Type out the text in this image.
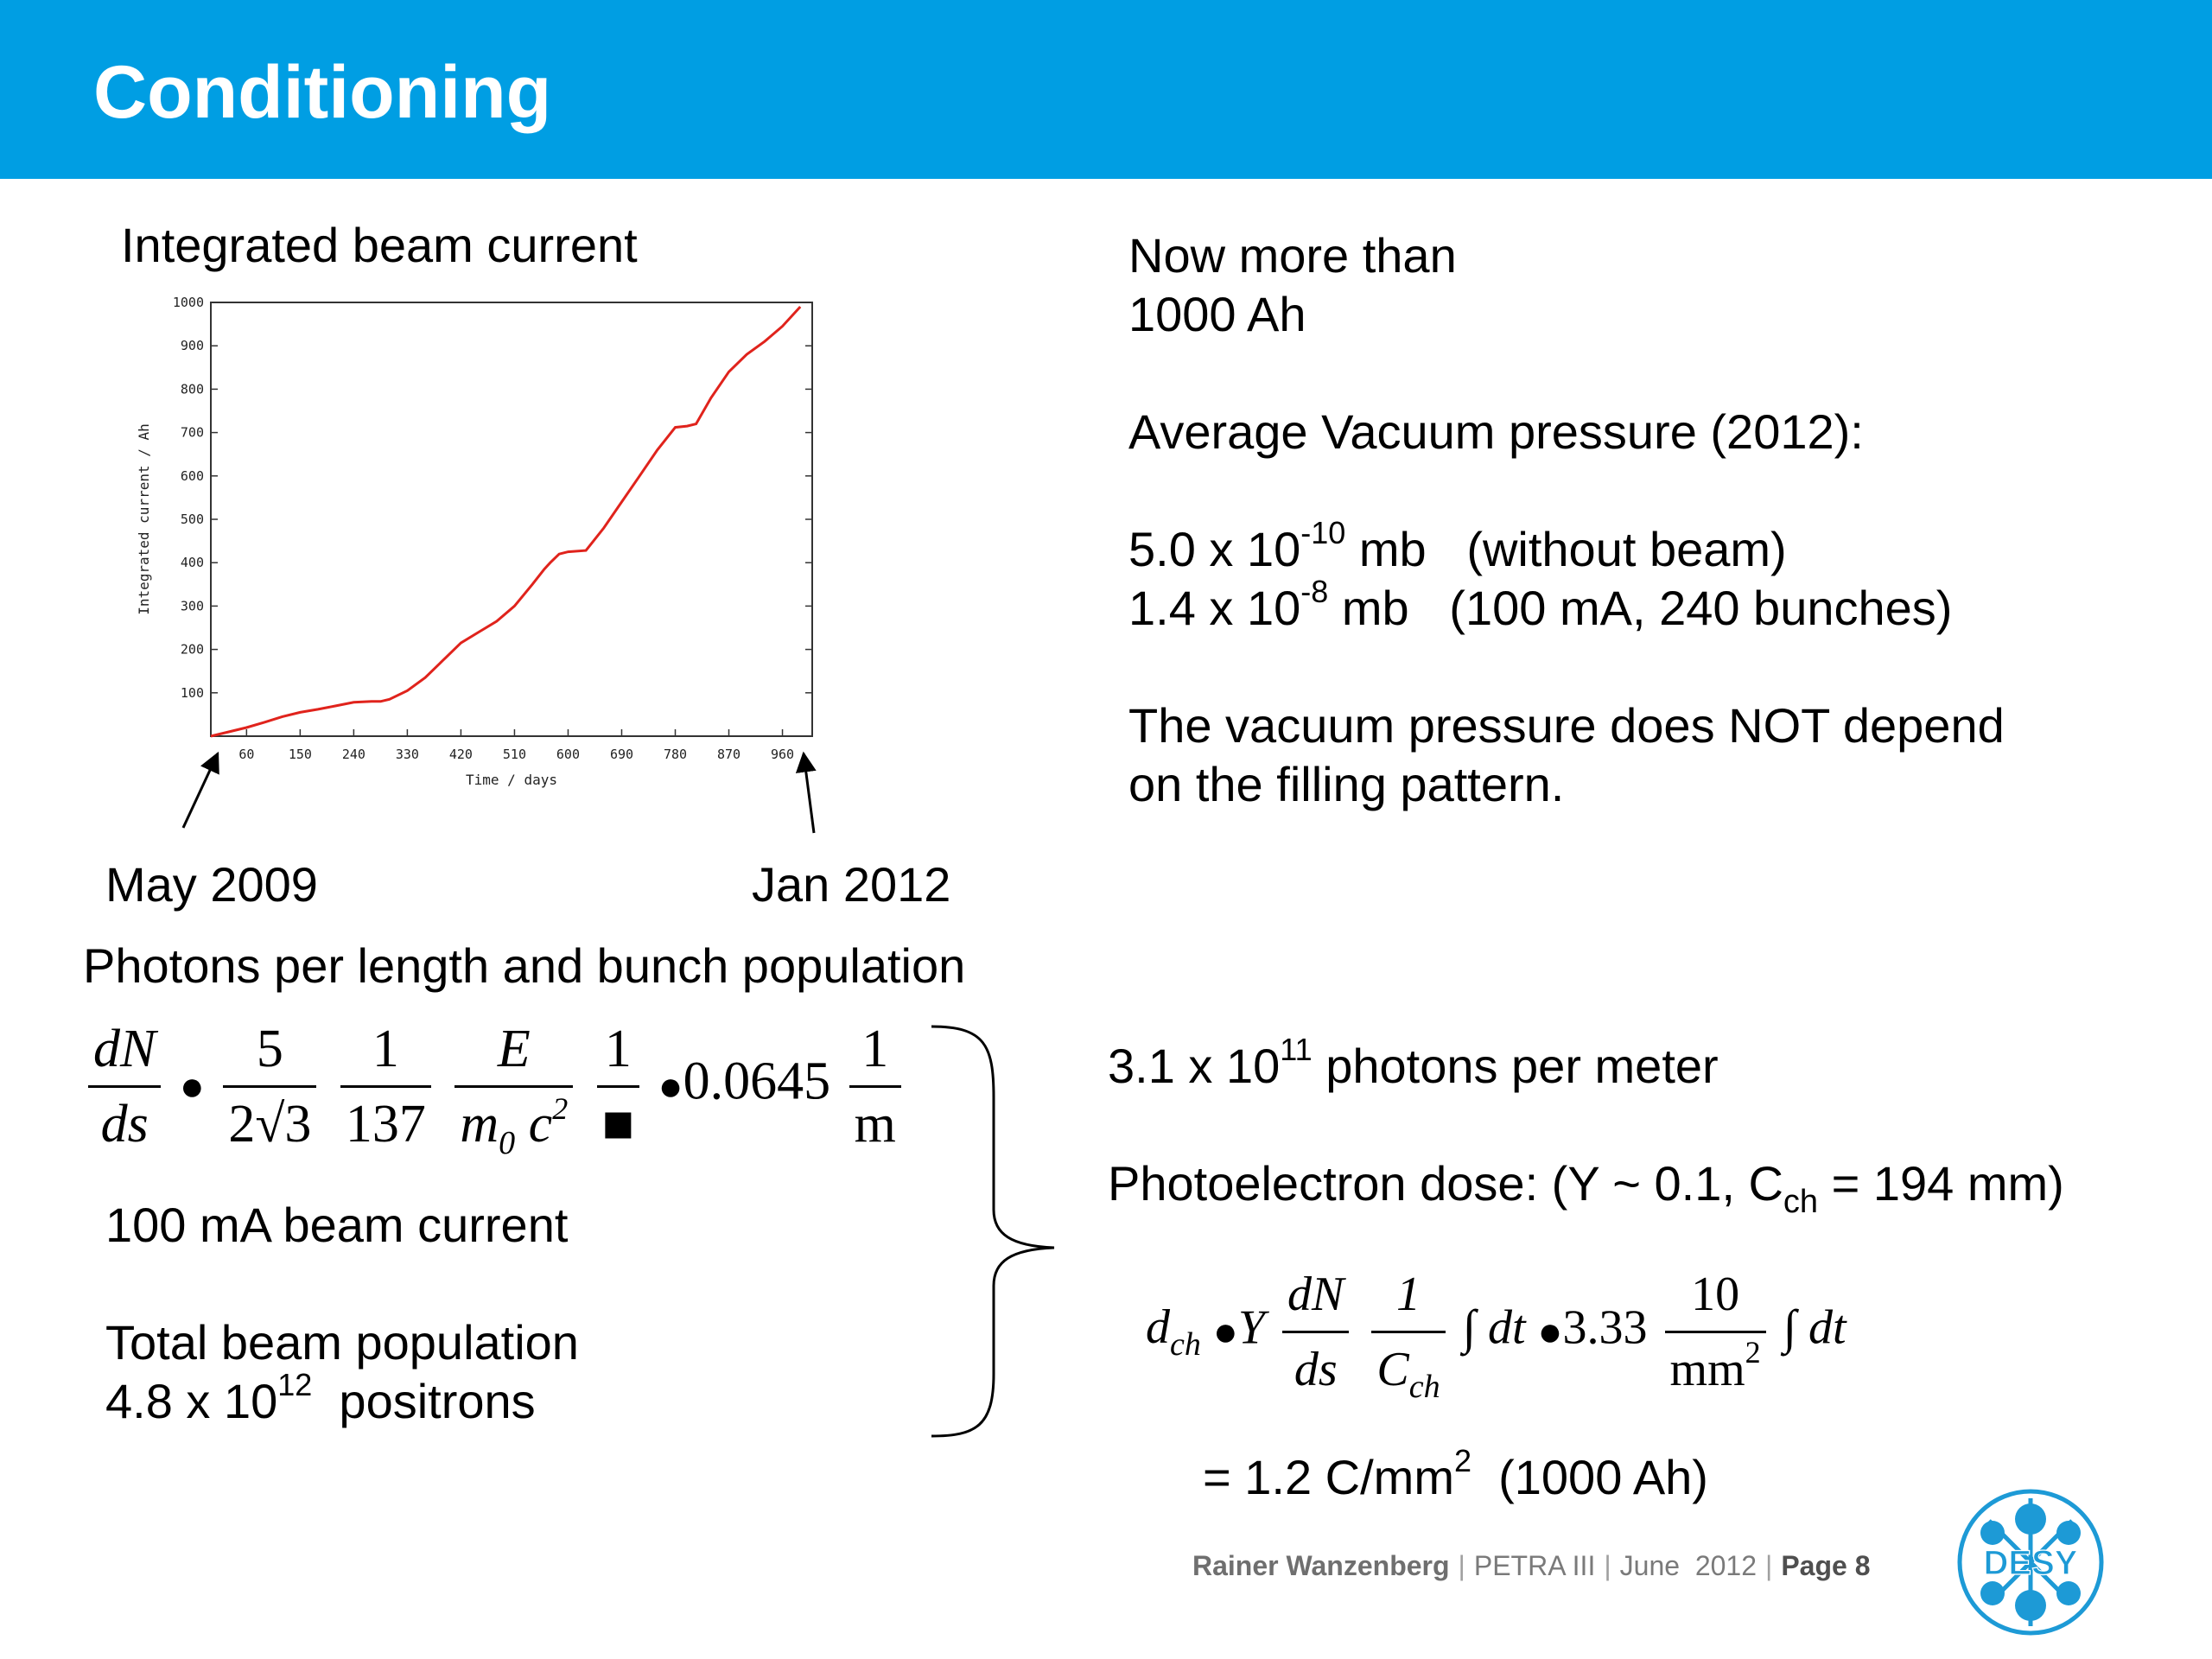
Conditioning
Integrated beam current
100
200
300
400
500
600
700
800
900
1000
60	150 240 330 420 510 600 690 780 870 960
Time / days
Integrated current / Ah
May 2009	Jan 2012
Now more than
1000 Ah
Average Vacuum pressure (2012):
5.0 x $10^{-10}$ mb   (without beam)
1.4 x $10^{-8}$ mb   (100 mA, 240 bunches)
The vacuum pressure does NOT depend
on the filling pattern.
Photons per length and bunch population
$\frac{dN}{ds}$ ● $\frac{5}{2√3}$
$\frac{1}{137}$
$\frac{E}{m_0 c^2}$
$\frac{1}{■}$ ●0.0645 $\frac{1}{m}$
100 mA beam current
Total beam population
4.8 x $10^{12}$  positrons
3.1 x $10^{11}$ photons per meter
Photoelectron dose: (Y ~ 0.1, $C_{ch} = 194$ mm)
$d_{ch}$ ●Y $\frac{dN}{ds}$
$\frac{1}{C_{ch}}$ ∫ dt ●3.33 $\frac{10}{mm^2}$ ∫ dt
= 1.2 $C/mm^2$  (1000 Ah)
Rainer Wanzenberg | PETRA III | June  2012 | Page 8	DESY
